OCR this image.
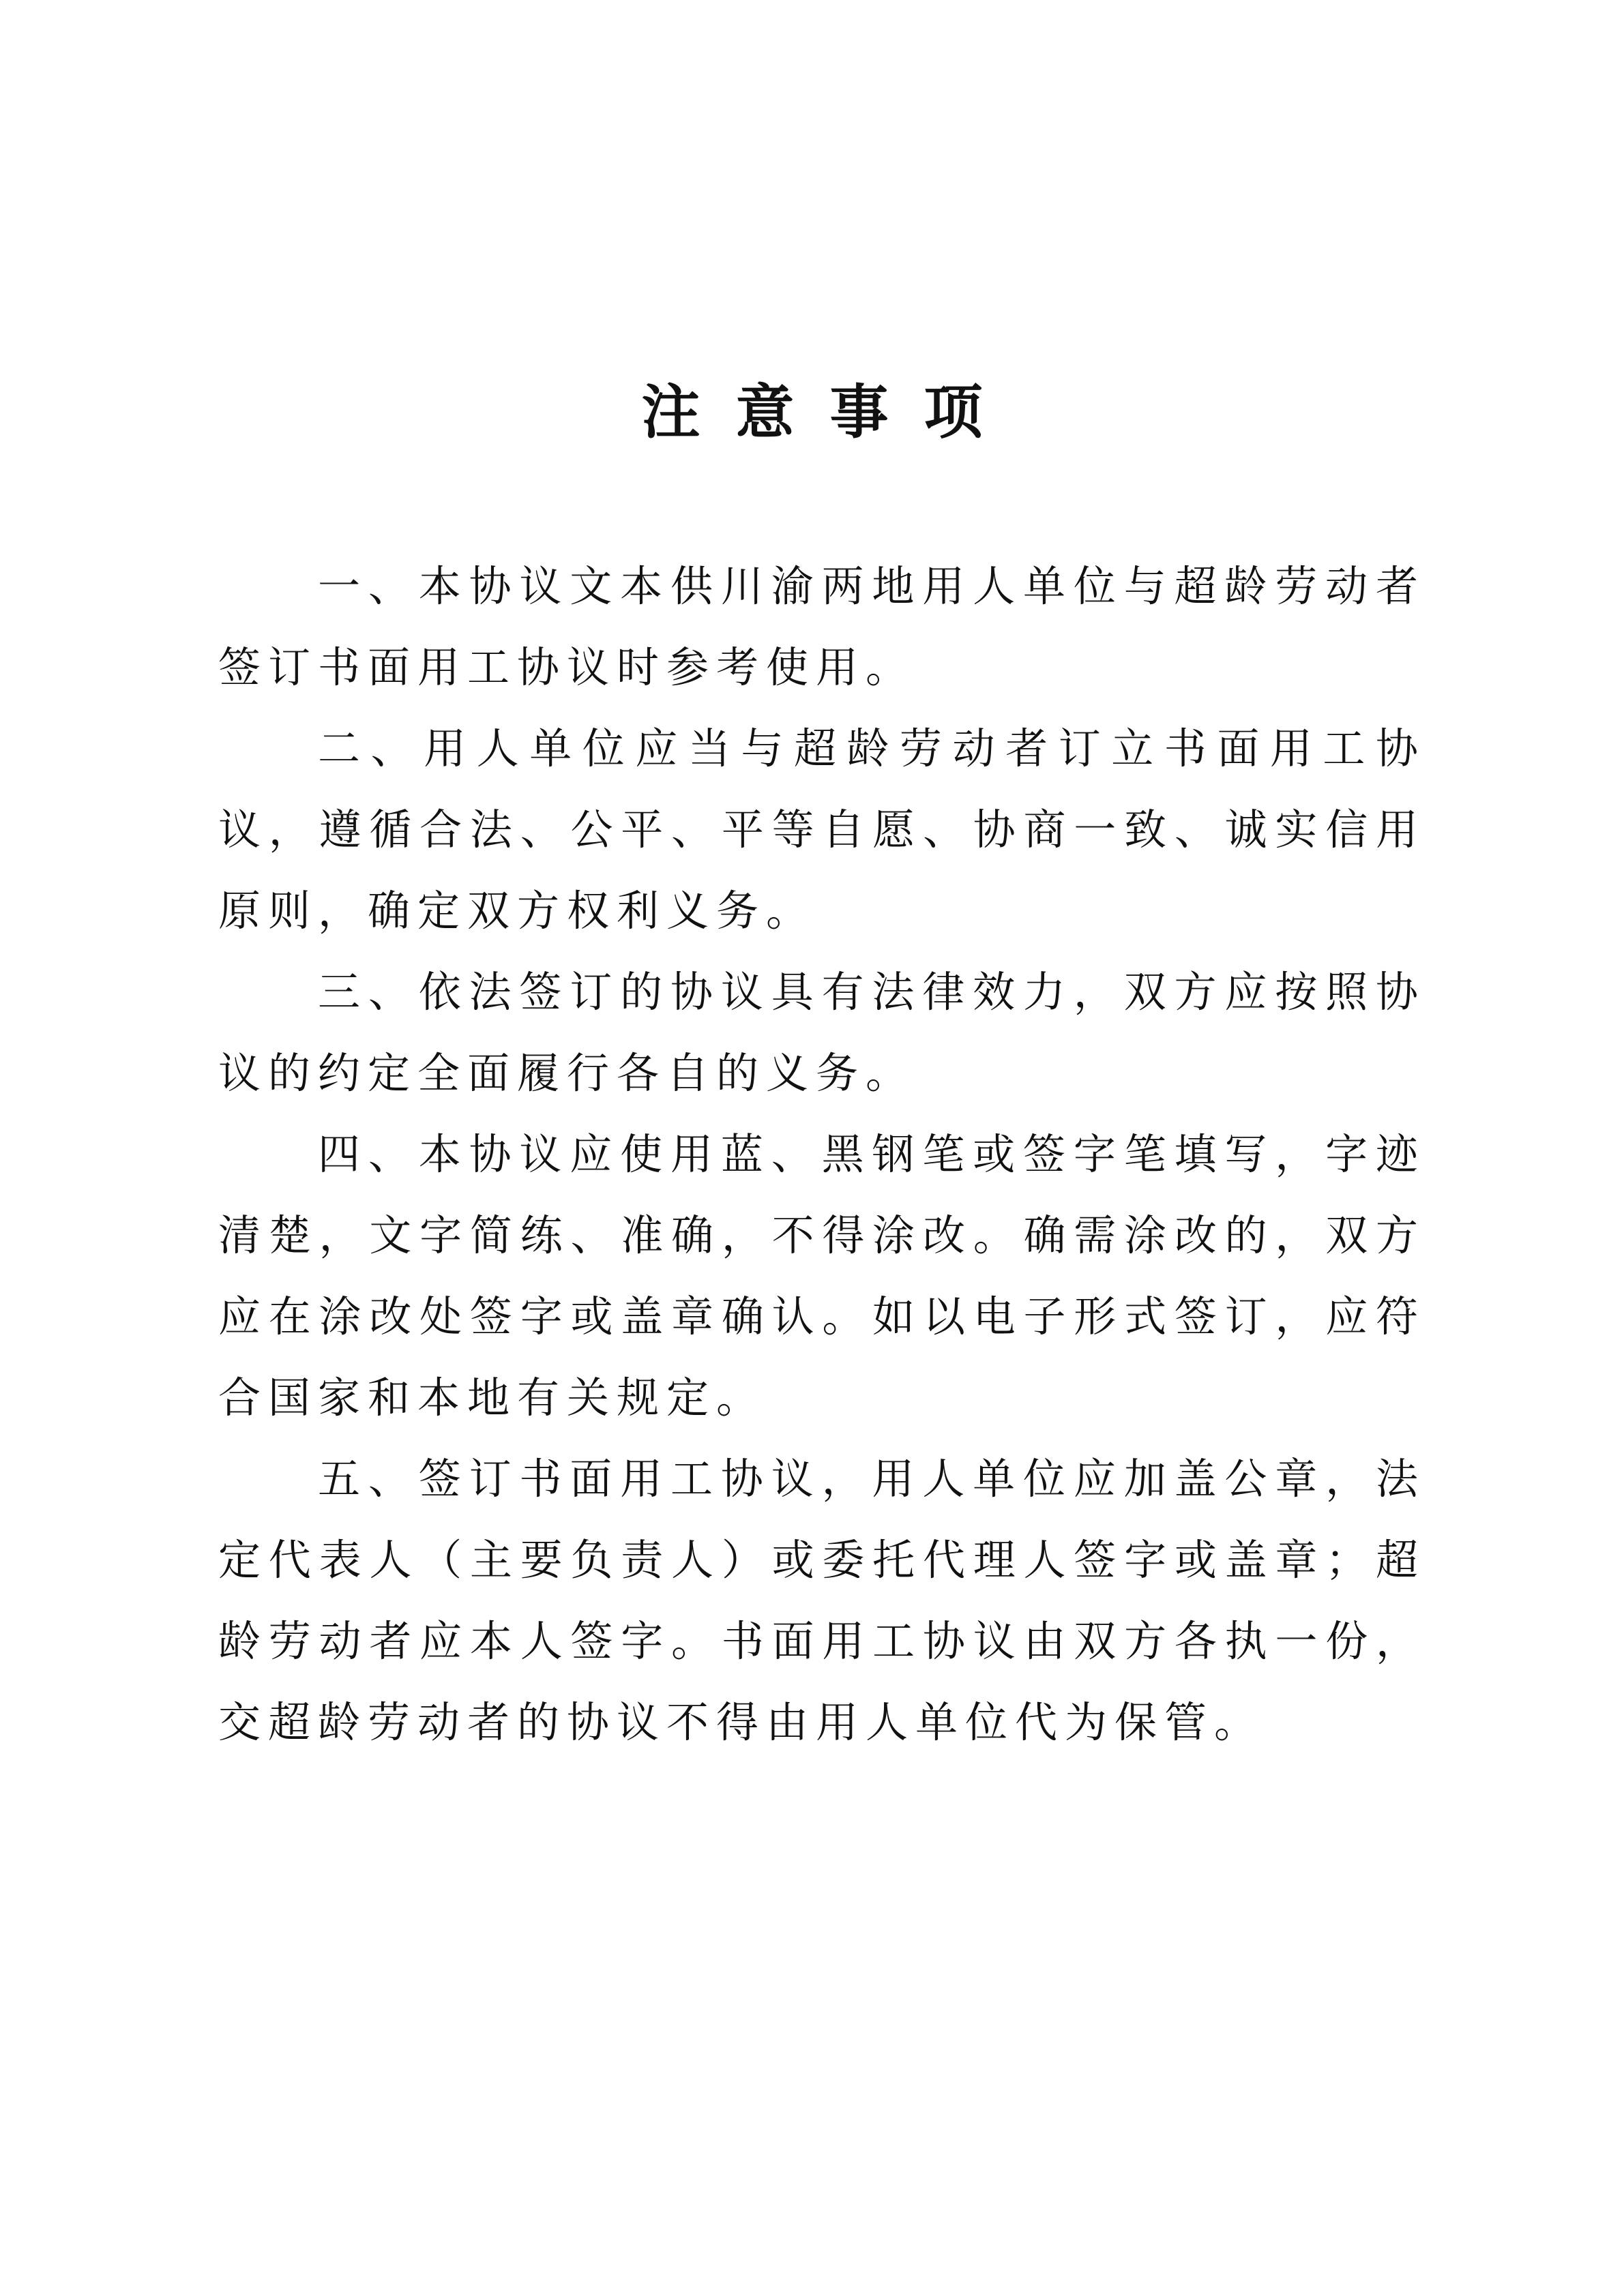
注意事项

一、本协议文本供川渝两地用人单位与超龄劳动者签订书面用工协议时参考使用。

二、用人单位应当与超龄劳动者订立书面用工协议，遵循合法、公平、平等自愿、协商一致、诚实信用原则，确定双方权利义务。

三、依法签订的协议具有法律效力，双方应按照协议的约定全面履行各自的义务。

四、本协议应使用蓝、黑钢笔或签字笔填写，字迹清楚，文字简练、准确，不得涂改。确需涂改的，双方应在涂改处签字或盖章确认。如以电子形式签订，应符合国家和本地有关规定。

五、签订书面用工协议，用人单位应加盖公章，法定代表人（主要负责人）或委托代理人签字或盖章；超龄劳动者应本人签字。书面用工协议由双方各执一份，交超龄劳动者的协议不得由用人单位代为保管。
